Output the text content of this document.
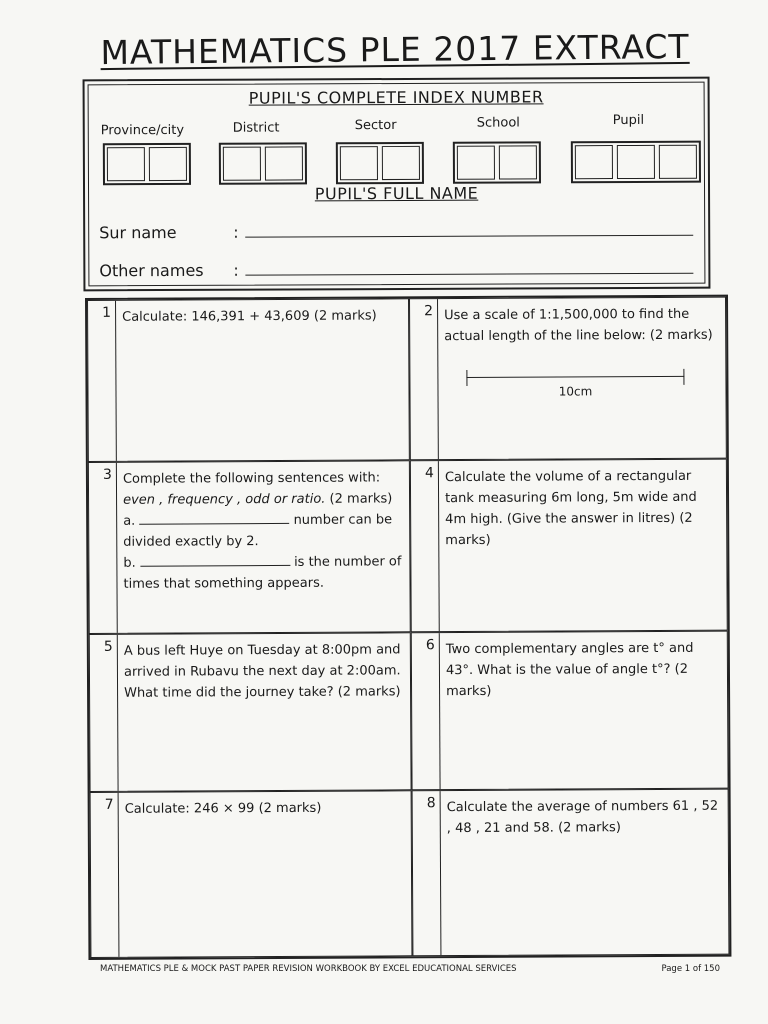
MATHEMATICS PLE 2017 EXTRACT
PUPIL'S COMPLETE INDEX NUMBER
Province/city	District	Sector	School	Pupil
PUPIL'S FULL NAME
Sur name	:
Other names :
1 Calculate: 146,391 + 43,609 (2 marks)	2 Use a scale of 1:1,500,000 to find the actual length of the line below: (2 marks)
10cm
3 Complete the following sentences with:
even , frequency , odd or ratio. (2 marks)
a.	number can be divided exactly by 2.
b.	is the number of times that something appears.
4 Calculate the volume of a rectangular tank measuring 6m long, 5m wide and 4m high. (Give the answer in litres) (2 marks)
5 A bus left Huye on Tuesday at 8:00pm and arrived in Rubavu the next day at 2:00am. What time did the journey take? (2 marks)
6 Two complementary angles are t° and 43°. What is the value of angle t°? (2 marks)
7 Calculate: 246 × 99 (2 marks)	8 Calculate the average of numbers 61 , 52 , 48 , 21 and 58. (2 marks)
MATHEMATICS PLE & MOCK PAST PAPER REVISION WORKBOOK BY EXCEL EDUCATIONAL SERVICES	Page 1 of 150
